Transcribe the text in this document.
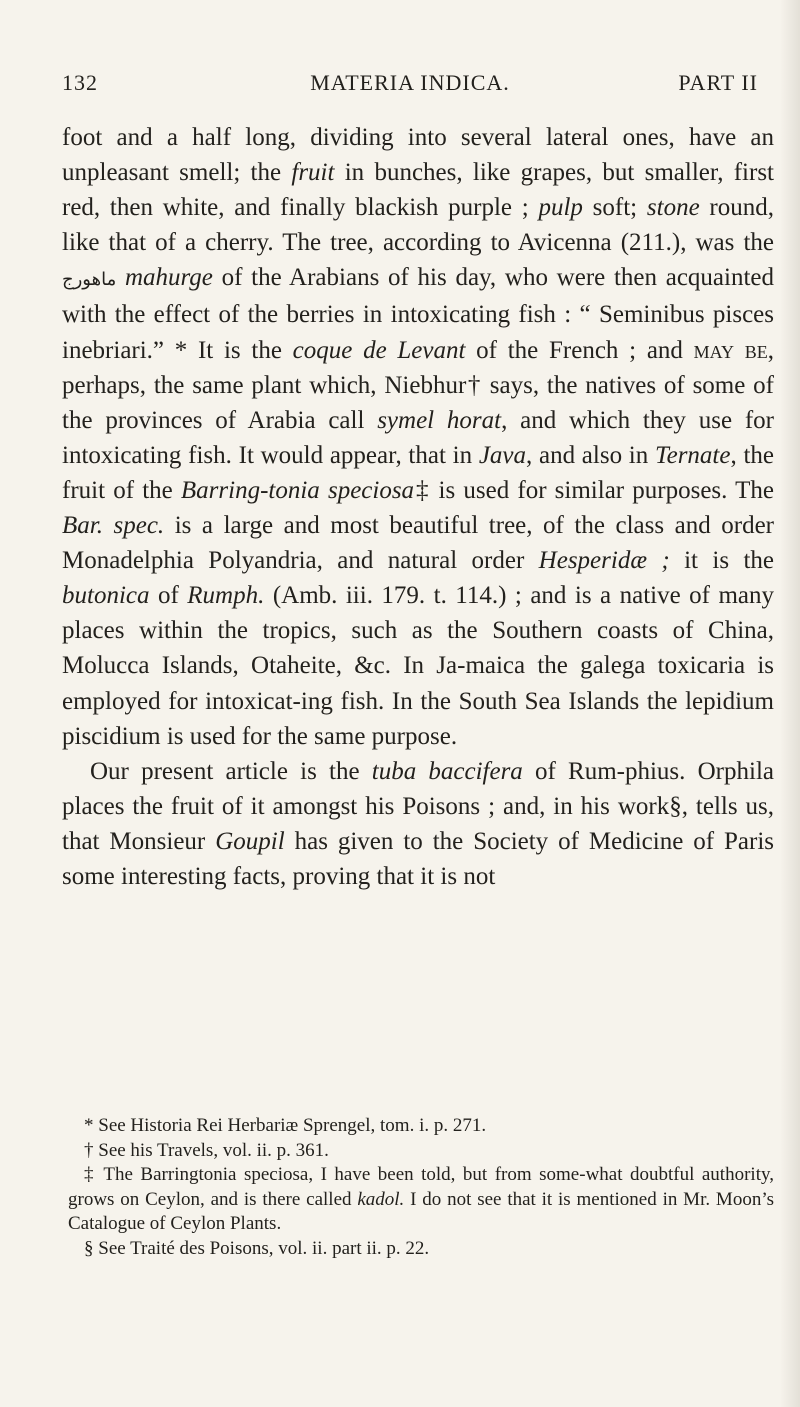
132	MATERIA INDICA.	PART II

foot and a half long, dividing into several lateral ones, have an unpleasant smell; the fruit in bunches, like grapes, but smaller, first red, then white, and finally blackish purple ; pulp soft; stone round, like that of a cherry. The tree, according to Avicenna (211.), was the ماهورج mahurge of the Arabians of his day, who were then acquainted with the effect of the berries in intoxicating fish : “ Seminibus pisces inebriari.” * It is the coque de Levant of the French ; and may be, perhaps, the same plant which, Niebhur† says, the natives of some of the provinces of Arabia call symel horat, and which they use for intoxicating fish. It would appear, that in Java, and also in Ternate, the fruit of the Barring-tonia speciosa‡ is used for similar purposes. The Bar. spec. is a large and most beautiful tree, of the class and order Monadelphia Polyandria, and natural order Hesperidæ ; it is the butonica of Rumph. (Amb. iii. 179. t. 114.) ; and is a native of many places within the tropics, such as the Southern coasts of China, Molucca Islands, Otaheite, &c. In Ja-maica the galega toxicaria is employed for intoxicat-ing fish. In the South Sea Islands the lepidium piscidium is used for the same purpose.

Our present article is the tuba baccifera of Rum-phius. Orphila places the fruit of it amongst his Poisons ; and, in his work§, tells us, that Monsieur Goupil has given to the Society of Medicine of Paris some interesting facts, proving that it is not

* See Historia Rei Herbariæ Sprengel, tom. i. p. 271.

† See his Travels, vol. ii. p. 361.

‡ The Barringtonia speciosa, I have been told, but from some-what doubtful authority, grows on Ceylon, and is there called kadol. I do not see that it is mentioned in Mr. Moon’s Catalogue of Ceylon Plants.

§ See Traité des Poisons, vol. ii. part ii. p. 22.
